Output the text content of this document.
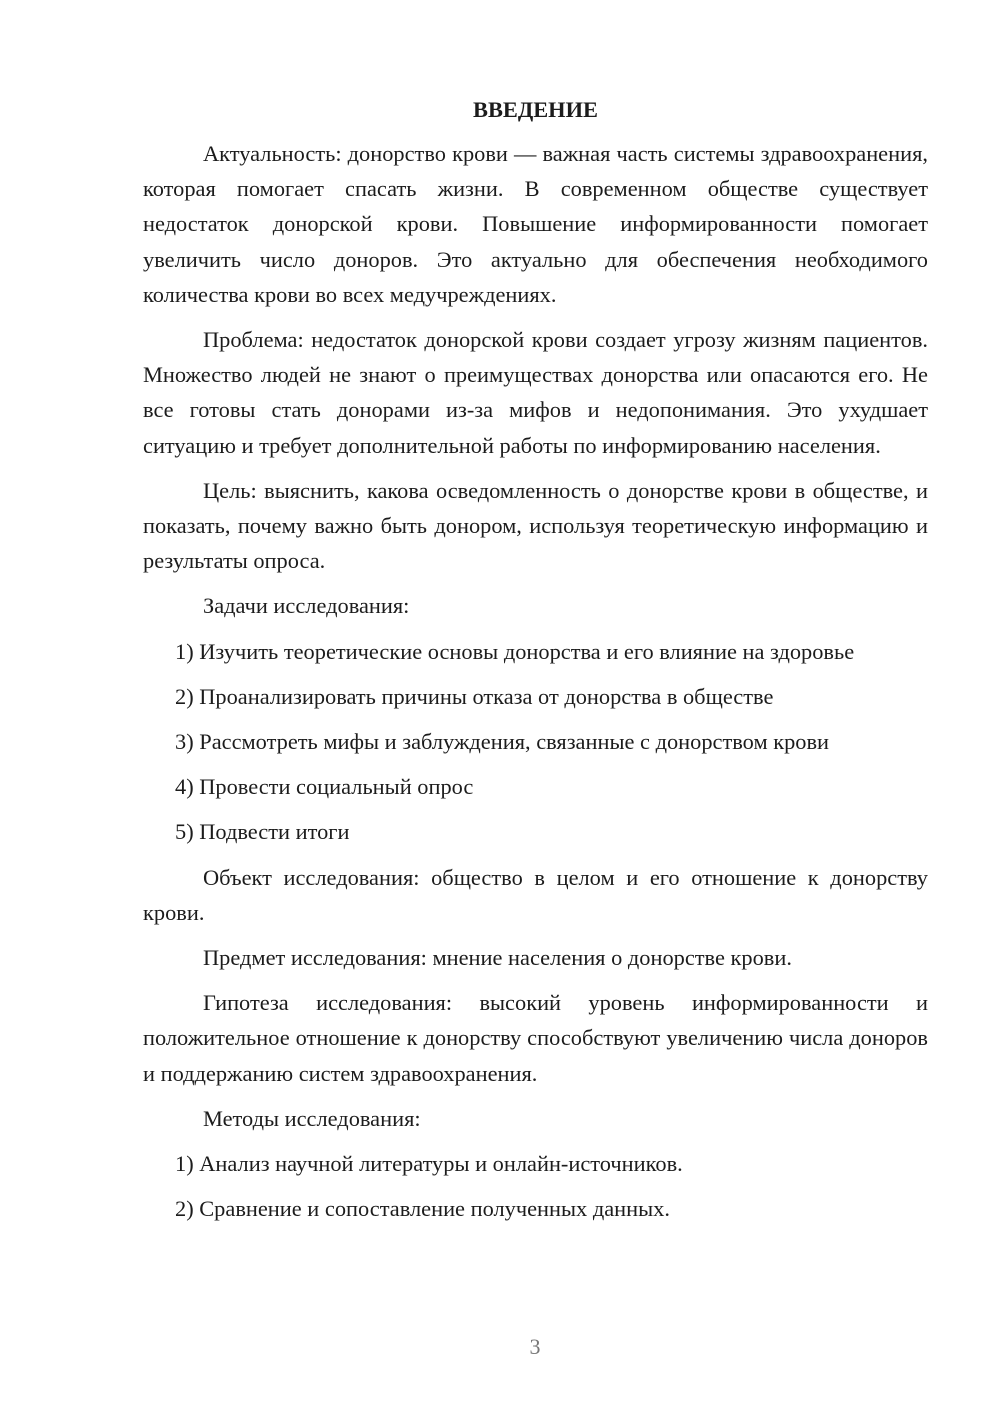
ВВЕДЕНИЕ

Актуальность: донорство крови — важная часть системы здравоохранения, которая помогает спасать жизни. В современном обществе существует недостаток донорской крови. Повышение информированности помогает увеличить число доноров. Это актуально для обеспечения необходимого количества крови во всех медучреждениях.

Проблема: недостаток донорской крови создает угрозу жизням пациентов. Множество людей не знают о преимуществах донорства или опасаются его. Не все готовы стать донорами из-за мифов и недопонимания. Это ухудшает ситуацию и требует дополнительной работы по информированию населения.

Цель: выяснить, какова осведомленность о донорстве крови в обществе, и показать, почему важно быть донором, используя теоретическую информацию и результаты опроса.

Задачи исследования:

1) Изучить теоретические основы донорства и его влияние на здоровье
2) Проанализировать причины отказа от донорства в обществе
3) Рассмотреть мифы и заблуждения, связанные с донорством крови
4) Провести социальный опрос
5) Подвести итоги

Объект исследования: общество в целом и его отношение к донорству крови.

Предмет исследования: мнение населения о донорстве крови.

Гипотеза исследования: высокий уровень информированности и положительное отношение к донорству способствуют увеличению числа доноров и поддержанию систем здравоохранения.

Методы исследования:

1) Анализ научной литературы и онлайн-источников.
2) Сравнение и сопоставление полученных данных.
3
